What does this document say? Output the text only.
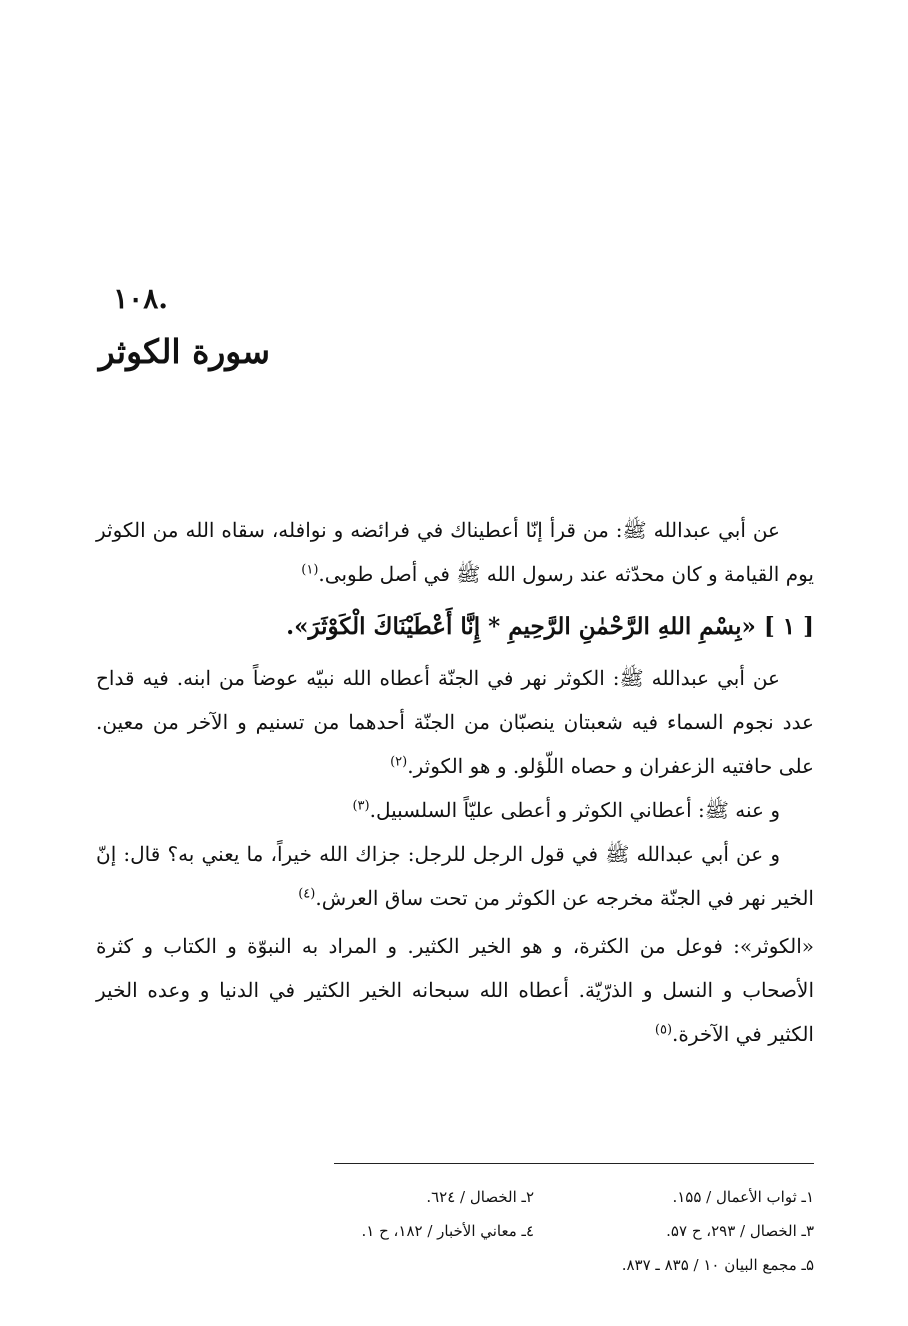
.۱۰۸
سورة الكوثر

عن أبي عبدالله ﷺ: من قرأ إنّا أعطيناك في فرائضه و نوافله، سقاه الله من الكوثر يوم القيامة و كان محدّثه عند رسول الله ﷺ في أصل طوبى.$^{(۱)}$

[ ۱ ] «بِسْمِ اللهِ الرَّحْمٰنِ الرَّحِيمِ * إِنَّا أَعْطَيْنَاكَ الْكَوْثَرَ».

عن أبي عبدالله ﷺ: الكوثر نهر في الجنّة أعطاه الله نبيّه عوضاً من ابنه. فيه قداح عدد نجوم السماء فيه شعبتان ينصبّان من الجنّة أحدهما من تسنيم و الآخر من معين. على حافتيه الزعفران و حصاه اللّؤلو. و هو الكوثر.$^{(۲)}$

و عنه ﷺ: أعطاني الكوثر و أعطى عليّاً السلسبيل.$^{(۳)}$

و عن أبي عبدالله ﷺ في قول الرجل للرجل: جزاك الله خيراً، ما يعني به؟ قال: إنّ الخير نهر في الجنّة مخرجه عن الكوثر من تحت ساق العرش.$^{(٤)}$

«الكوثر»: فوعل من الكثرة، و هو الخير الكثير. و المراد به النبوّة و الكتاب و كثرة الأصحاب و النسل و الذرّيّة. أعطاه الله سبحانه الخير الكثير في الدنيا و وعده الخير الكثير في الآخرة.$^{(٥)}$

۱ـ ثواب الأعمال / ۱۵۵.
۲ـ الخصال / ٦۲٤.
۳ـ الخصال / ۲۹۳، ح ۵۷.
٤ـ معاني الأخبار / ۱۸۲، ح ۱.
۵ـ مجمع البيان ۱۰ / ۸۳۵ ـ ۸۳۷.
